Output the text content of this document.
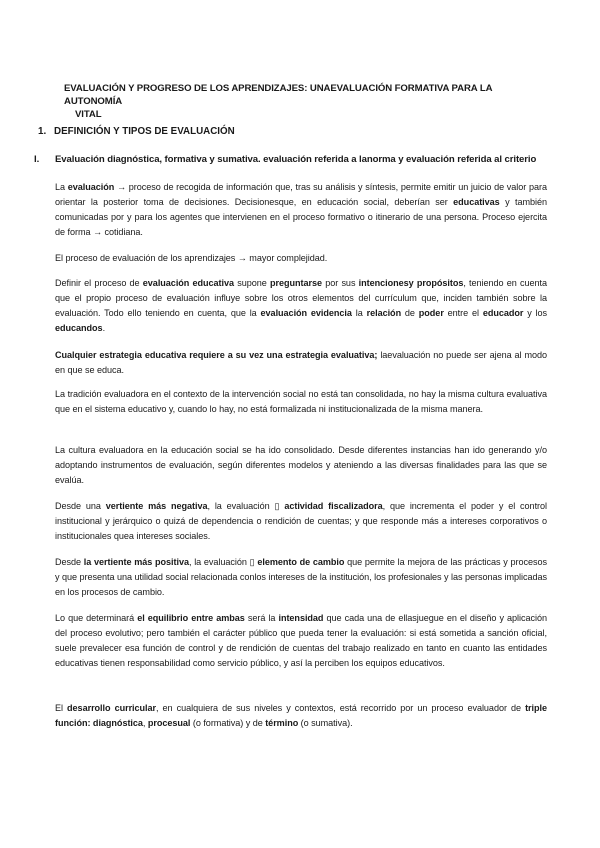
EVALUACIÓN Y PROGRESO DE LOS APRENDIZAJES: UNAEVALUACIÓN FORMATIVA PARA LA AUTONOMÍA
VITAL
1. DEFINICIÓN Y TIPOS DE EVALUACIÓN
I. Evaluación diagnóstica, formativa y sumativa. evaluación referida a lanorma y evaluación referida al criterio

La evaluación → proceso de recogida de información que, tras su análisis y síntesis, permite emitir un juicio de valor para orientar la posterior toma de decisiones. Decisionesque, en educación social, deberían ser educativas y también comunicadas por y para los agentes que intervienen en el proceso formativo o itinerario de una persona. Proceso ejercita de forma → cotidiana.

El proceso de evaluación de los aprendizajes → mayor complejidad.

Definir el proceso de evaluación educativa supone preguntarse por sus intencionesy propósitos, teniendo en cuenta que el propio proceso de evaluación influye sobre los otros elementos del currículum que, inciden también sobre la evaluación. Todo ello teniendo en cuenta, que la evaluación evidencia la relación de poder entre el educador y los educandos.

Cualquier estrategia educativa requiere a su vez una estrategia evaluativa; laevaluación no puede ser ajena al modo en que se educa.

La tradición evaluadora en el contexto de la intervención social no está tan consolidada, no hay la misma cultura evaluativa que en el sistema educativo y, cuando lo hay, no está formalizada ni institucionalizada de la misma manera.

La cultura evaluadora en la educación social se ha ido consolidado. Desde diferentes instancias han ido generando y/o adoptando instrumentos de evaluación, según diferentes modelos y ateniendo a las diversas finalidades para las que se evalúa.

Desde una vertiente más negativa, la evaluación ▯ actividad fiscalizadora, que incrementa el poder y el control institucional y jerárquico o quizá de dependencia o rendición de cuentas; y que responde más a intereses corporativos o institucionales quea intereses sociales.

Desde la vertiente más positiva, la evaluación ▯ elemento de cambio que permite la mejora de las prácticas y procesos y que presenta una utilidad social relacionada conlos intereses de la institución, los profesionales y las personas implicadas en los procesos de cambio.

Lo que determinará el equilibrio entre ambas será la intensidad que cada una de ellasjuegue en el diseño y aplicación del proceso evolutivo; pero también el carácter público que pueda tener la evaluación: si está sometida a sanción oficial, suele prevalecer esa función de control y de rendición de cuentas del trabajo realizado en tanto en cuanto las entidades educativas tienen responsabilidad como servicio público, y así la perciben los equipos educativos.

El desarrollo curricular, en cualquiera de sus niveles y contextos, está recorrido por un proceso evaluador de triple función: diagnóstica, procesual (o formativa) y de término (o sumativa).
